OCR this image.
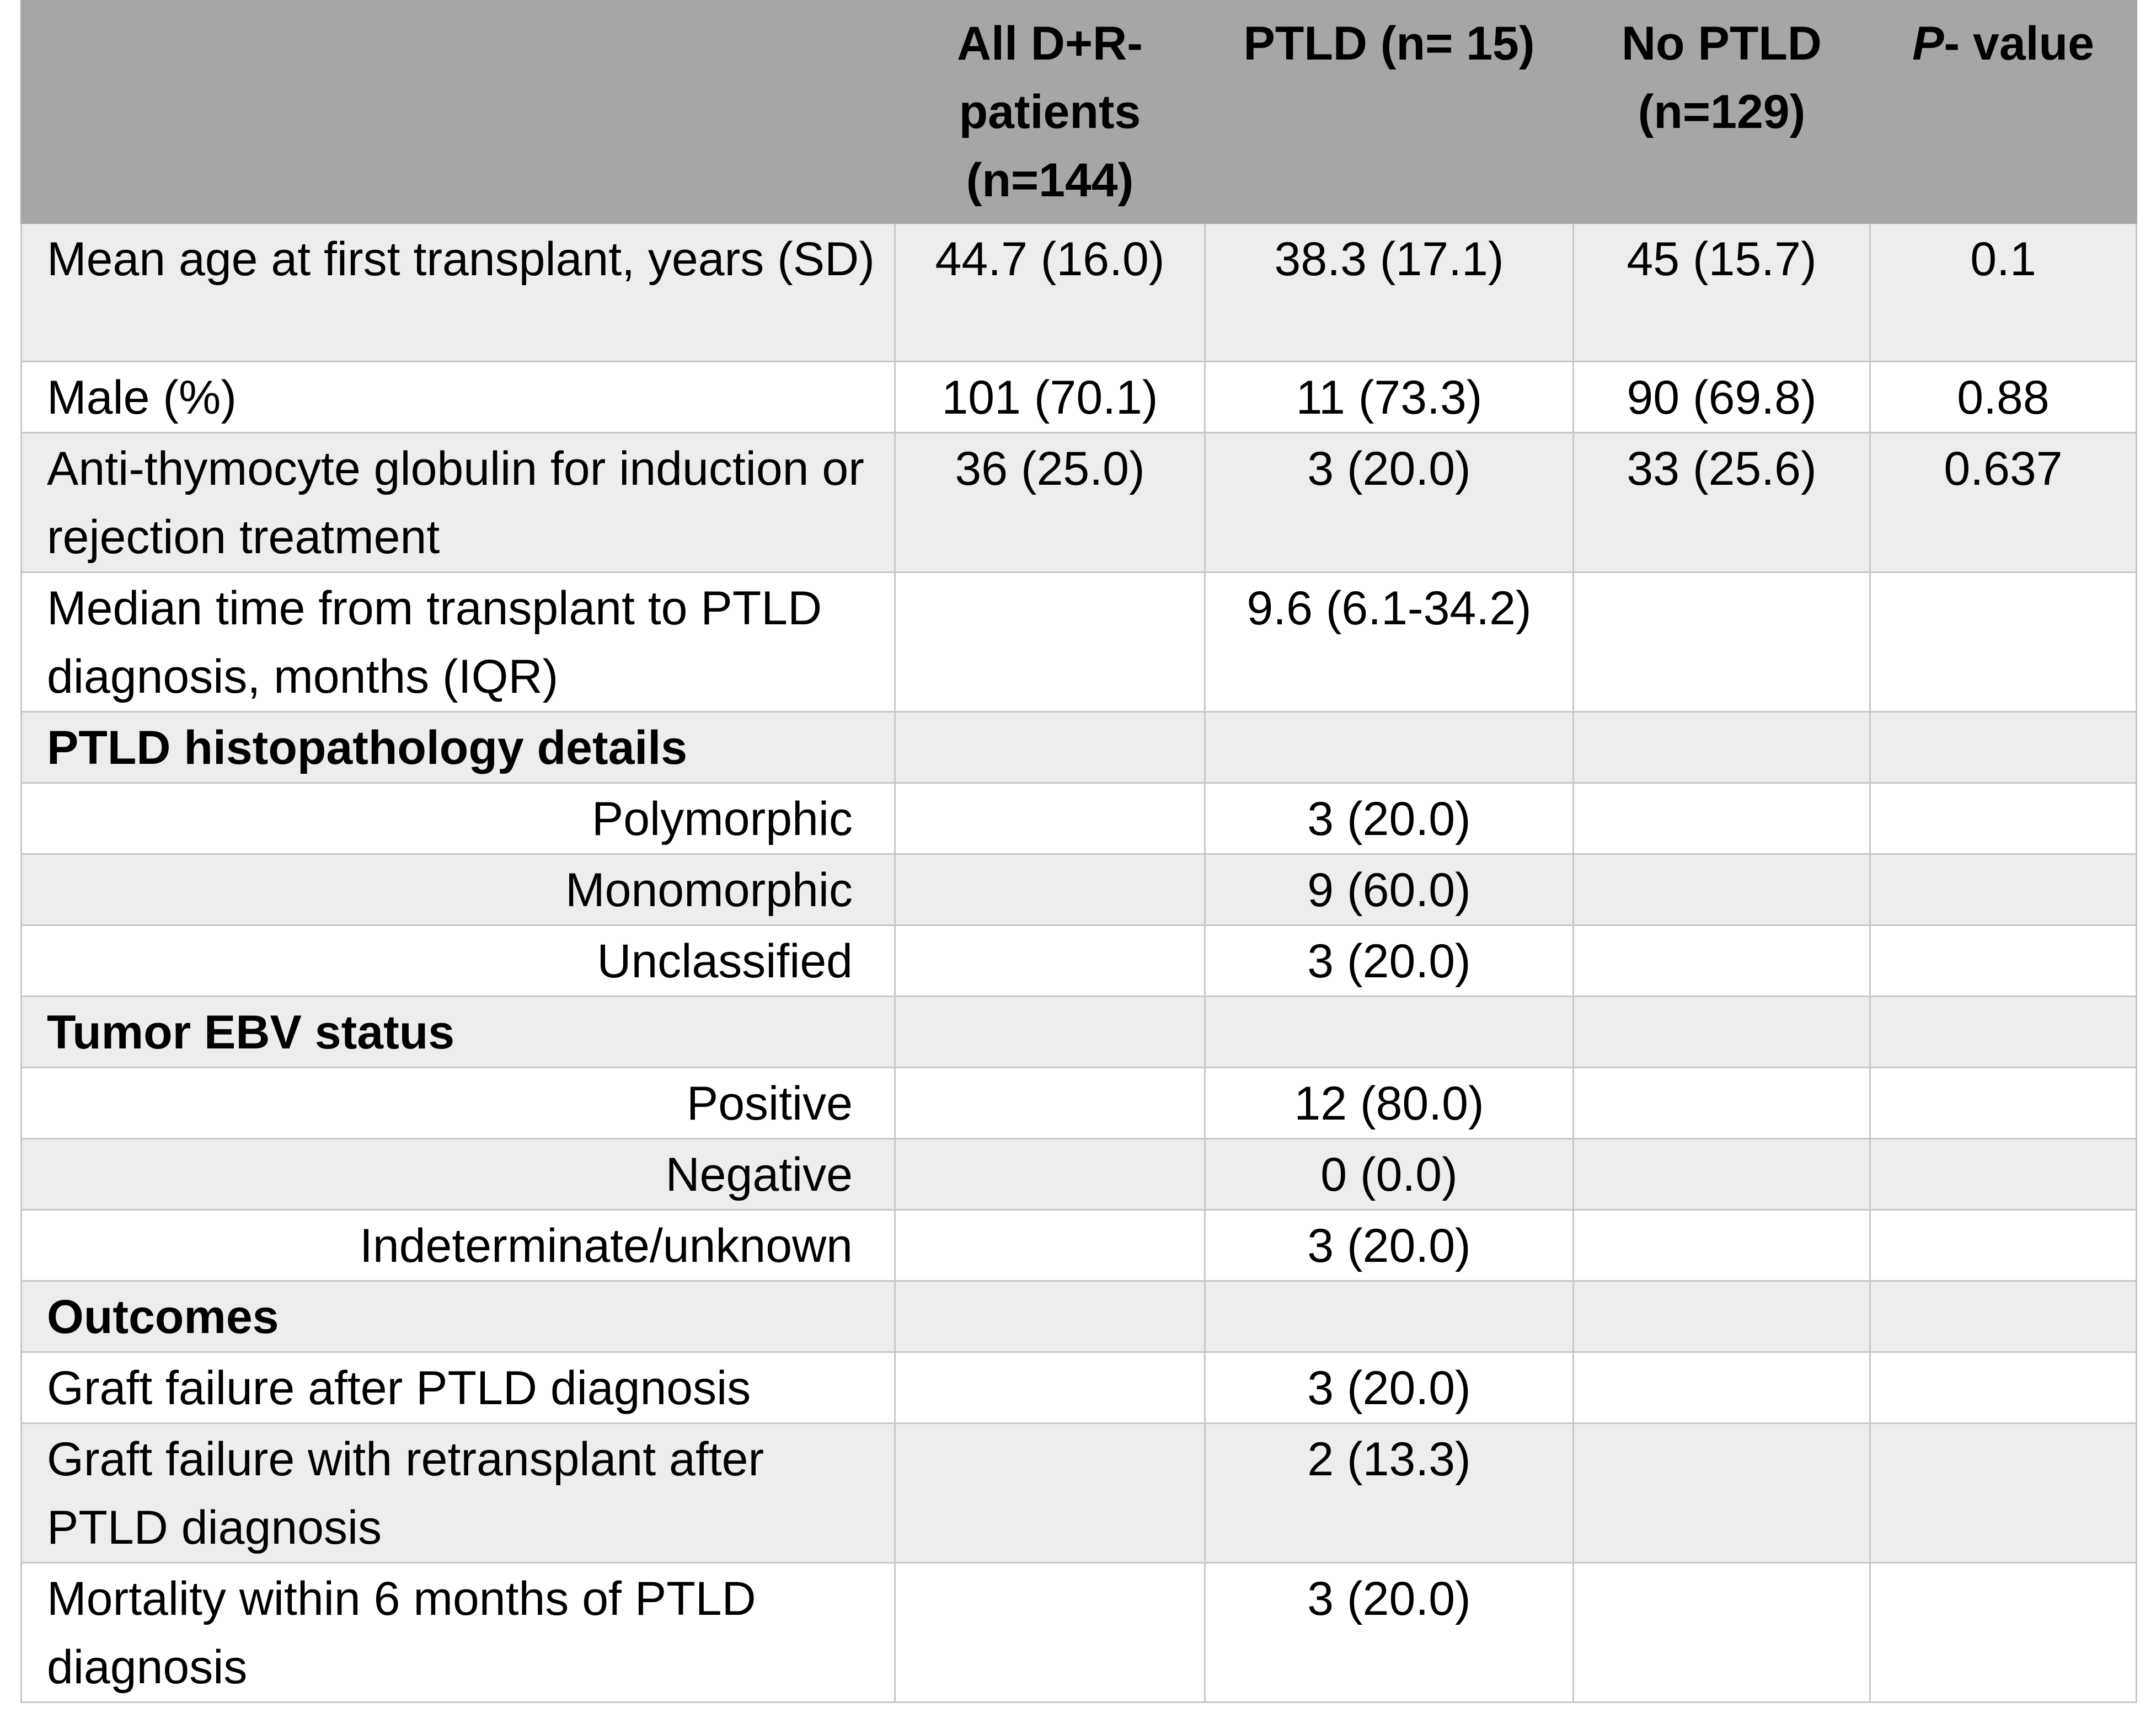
	All D+R- patients (n=144)	PTLD (n= 15)	No PTLD (n=129)	P- value
Mean age at first transplant, years (SD)	44.7 (16.0)	38.3 (17.1)	45 (15.7)	0.1
Male (%)	101 (70.1)	11 (73.3)	90 (69.8)	0.88
Anti-thymocyte globulin for induction or rejection treatment	36 (25.0)	3 (20.0)	33 (25.6)	0.637
Median time from transplant to PTLD diagnosis, months (IQR)		9.6 (6.1-34.2)		
PTLD histopathology details				
Polymorphic		3 (20.0)		
Monomorphic		9 (60.0)		
Unclassified		3 (20.0)		
Tumor EBV status				
Positive		12 (80.0)		
Negative		0 (0.0)		
Indeterminate/unknown		3 (20.0)		
Outcomes				
Graft failure after PTLD diagnosis		3 (20.0)		
Graft failure with retransplant after PTLD diagnosis		2 (13.3)		
Mortality within 6 months of PTLD diagnosis		3 (20.0)		
